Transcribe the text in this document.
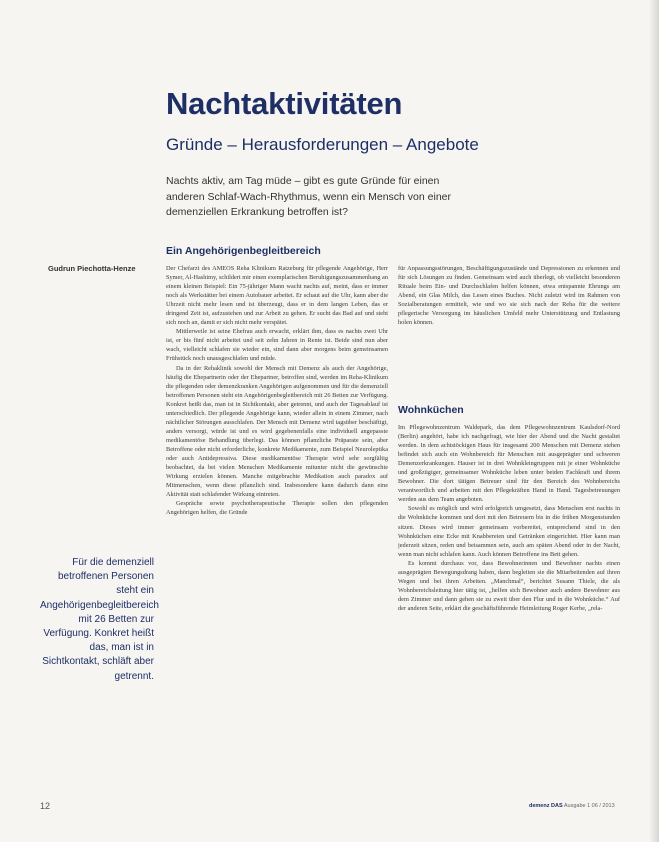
Nachtaktivitäten
Gründe – Herausforderungen – Angebote

Nachts aktiv, am Tag müde – gibt es gute Gründe für einen anderen Schlaf-Wach-Rhythmus, wenn ein Mensch von einer demenziellen Erkrankung betroffen ist?

Ein Angehörigenbegleitbereich

Gudrun Piechotta-Henze	Der Chefarzt des AMEOS Reha Klinikum Ratzeburg für pflegende Angehörige, Herr Symer, Al-Hashimy, schildert mir einen exemplarischen Beruhigungszusammenhang an einem kleinen Beispiel: Ein 75-jähriger Mann wacht nachts auf, meint, dass er immer noch als Werkstätter bei einem Autobauer arbeitet. Er schaut auf die Uhr, kann aber die Uhrzeit nicht mehr lesen und ist überzeugt, dass er in dem langen Leben, das er dringend Zeit ist, aufzustehen und zur Arbeit zu gehen. Er sucht das Bad auf und steht sich noch an, damit er sich nicht mehr verspätet.

Mittlerweile ist seine Ehefrau auch erwacht, erklärt ihm, dass es nachts zwei Uhr ist, er bis fünf nicht arbeitet und seit zehn Jahren in Rente ist. Beide sind nun aber wach, vielleicht schlafen sie wieder ein, sind dann aber morgens beim gemeinsamen Frühstück noch unausgeschlafen und müde.

Da in der Rehaklinik sowohl der Mensch mit Demenz als auch der Angehörige, häufig die Ehepartnerin oder der Ehepartner, betroffen sind, werden im Reha-Klinikum die pflegenden oder demenzkranken Angehörigen aufgenommen und für die demenziell betroffenen Personen steht ein Angehörigenbegleitbereich mit 26 Betten zur Verfügung. Konkret heißt das, man ist in Sichtkontakt, aber getrennt, und auch der Tagesablauf ist unterschiedlich. Der pflegende Angehörige kann, wieder allein in einem Zimmer, nach nächtlicher Störungen ausschlafen. Der Mensch mit Demenz wird tagsüber beschäftigt, anders versorgt, würde ist und es wird gegebenenfalls eine individuell angepasste medikamentöse Behandlung überlegt. Das können pflanzliche Präparate sein, aber Betroffene oder nicht erforderliche, konkrete Medikamente, zum Beispiel Neuroleptika oder auch Antidepressiva. Diese medikamentöse Therapie wird sehr sorgfältig beobachtet, da bei vielen Menschen Medikamente mitunter nicht die gewünschte Wirkung erzielen können. Manche mitgebrachte Medikation auch paradox auf Mitmenschen, wenn diese pflanzlich sind. Insbesondere kann dadurch dann eine Aktivität statt schlafender Wirkung eintreten.

Gespräche sowie psychotherapeutische Therapie sollen den pflegenden Angehörigen helfen, die Gründe

für Anpassungsstörungen, Beschäftigungszustände und Depressionen zu erkennen und für sich Lösungen zu finden. Gemeinsam wird auch überlegt, ob vielleicht besonderen Rituale beim Ein- und Durchschlafen helfen können, etwa entspannte Ehrungs am Abend, ein Glas Milch, das Lesen eines Buches. Nicht zuletzt wird im Rahmen von Sozialberatungen ermittelt, wie und wo sie sich nach der Reha für die weitere pflegerische Versorgung im häuslichen Umfeld mehr Unterstützung und Entlastung holen können.

Wohnküchen

Im Pflegewohnzentrum Waldepark, das dem Pflegewohnzentrum Kaulsdorf-Nord (Berlin) angehört, habe ich nachgefragt, wie hier der Abend und die Nacht gestaltet werden. In dem achtstöckigen Haus für insgesamt 200 Menschen mit Demenz stehen befindet sich auch ein Wohnbereich für Menschen mit ausgeprägter und schweren Demenzerkrankungen. Hauser ist in drei Wohnkleingruppen mit je einer Wohnküche und großzügiger, gemeinsamer Wohnküche leben unter beiden Fachkraft und ihrem Bewohner. Die dort tätigen Betreuer sind für den Bereich des Wohnbereichs verantwortlich und arbeiten mit den Pflegekräften Hand in Hand. Tagesbetreuungen werden aus dem Team angeboten.

Sowohl es möglich und wird erfolgreich umgesetzt, dass Menschen erst nachts in die Wohnküche kommen und dort mit den Betreuern bis in die frühen Morgenstunden sitzen. Dieses wird immer gemeinsam vorbereitet, entsprechend sind in den Wohnküchen eine Ecke mit Knabbereien und Getränken eingerichtet. Hier kann man jederzeit sitzen, reden und beisammen sein, auch am späten Abend oder in der Nacht, wenn man nicht schlafen kann. Auch können Betroffene ins Bett gehen.

Es kommt durchaus vor, dass Bewohnerinnen und Bewohner nachts einen ausgeprägten Bewegungsdrang haben, dann begleiten sie die Mitarbeitenden auf ihren Wegen und bei ihren Arbeiten. „Manchmal“, berichtet Susann Thiele, die als Wohnbereichsleitung hier tätig ist, „helfen sich Bewohner auch andere Bewohner aus dem Zimmer und dann gehen sie zu zweit über den Flur und in die Wohnküche.“ Auf der anderen Seite, erklärt die geschäftsführende Heimleitung Roger Kerbe, „rela-

Für die demenziell betroffenen Personen steht ein Angehörigenbegleitbereich mit 26 Betten zur Verfügung. Konkret heißt das, man ist in Sichtkontakt, schläft aber getrennt.

12	demenz DAS Ausgabe 1 06 / 2013
